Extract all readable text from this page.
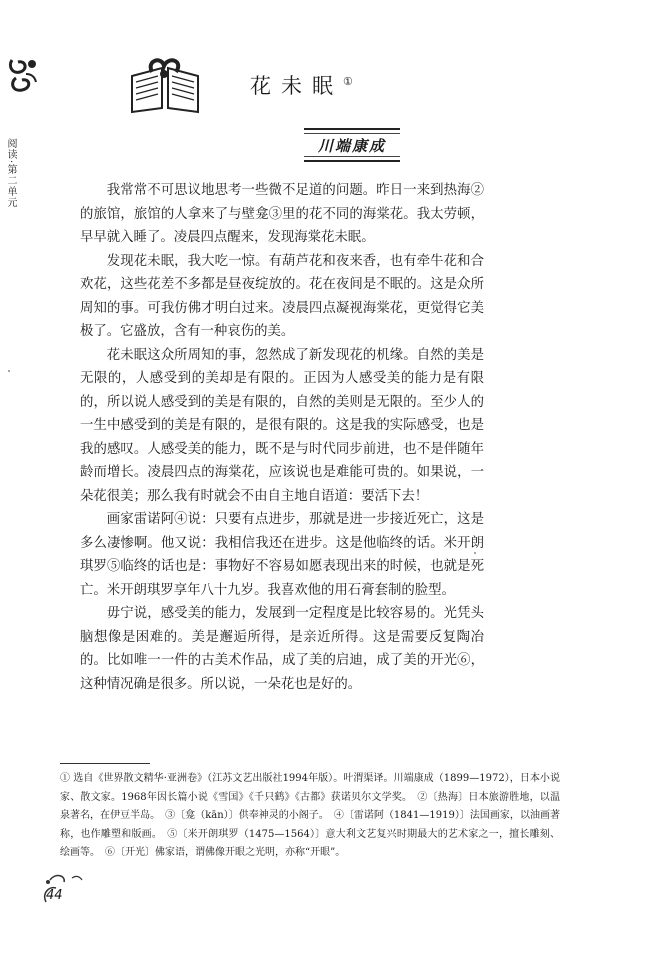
阅读·第二单元
花未眠①
川端康成

我常常不可思议地思考一些微不足道的问题。昨日一来到热海②的旅馆，旅馆的人拿来了与壁龛③里的花不同的海棠花。我太劳顿，早早就入睡了。凌晨四点醒来，发现海棠花未眠。

发现花未眠，我大吃一惊。有葫芦花和夜来香，也有牵牛花和合欢花，这些花差不多都是昼夜绽放的。花在夜间是不眠的。这是众所周知的事。可我仿佛才明白过来。凌晨四点凝视海棠花，更觉得它美极了。它盛放，含有一种哀伤的美。

花未眠这众所周知的事，忽然成了新发现花的机缘。自然的美是无限的，人感受到的美却是有限的。正因为人感受美的能力是有限的，所以说人感受到的美是有限的，自然的美则是无限的。至少人的一生中感受到的美是有限的，是很有限的。这是我的实际感受，也是我的感叹。人感受美的能力，既不是与时代同步前进，也不是伴随年龄而增长。凌晨四点的海棠花，应该说也是难能可贵的。如果说，一朵花很美；那么我有时就会不由自主地自语道：要活下去！

画家雷诺阿④说：只要有点进步，那就是进一步接近死亡，这是多么凄惨啊。他又说：我相信我还在进步。这是他临终的话。米开朗琪罗⑤临终的话也是：事物好不容易如愿表现出来的时候，也就是死亡。米开朗琪罗享年八十九岁。我喜欢他的用石膏套制的脸型。

毋宁说，感受美的能力，发展到一定程度是比较容易的。光凭头脑想像是困难的。美是邂逅所得，是亲近所得。这是需要反复陶冶的。比如唯一一件的古美术作品，成了美的启迪，成了美的开光⑥，这种情况确是很多。所以说，一朵花也是好的。

① 选自《世界散文精华·亚洲卷》（江苏文艺出版社1994年版）。叶渭渠译。川端康成（1899—1972），日本小说家、散文家。1968年因长篇小说《雪国》《千只鹤》《古都》获诺贝尔文学奖。　②〔热海〕日本旅游胜地，以温泉著名，在伊豆半岛。　③〔龛（kān）〕供奉神灵的小阁子。　④〔雷诺阿（1841—1919）〕法国画家，以油画著称，也作雕塑和版画。　⑤〔米开朗琪罗（1475—1564）〕意大利文艺复兴时期最大的艺术家之一，擅长雕刻、绘画等。　⑥〔开光〕佛家语，谓佛像开眼之光明，亦称“开眼”。

44
